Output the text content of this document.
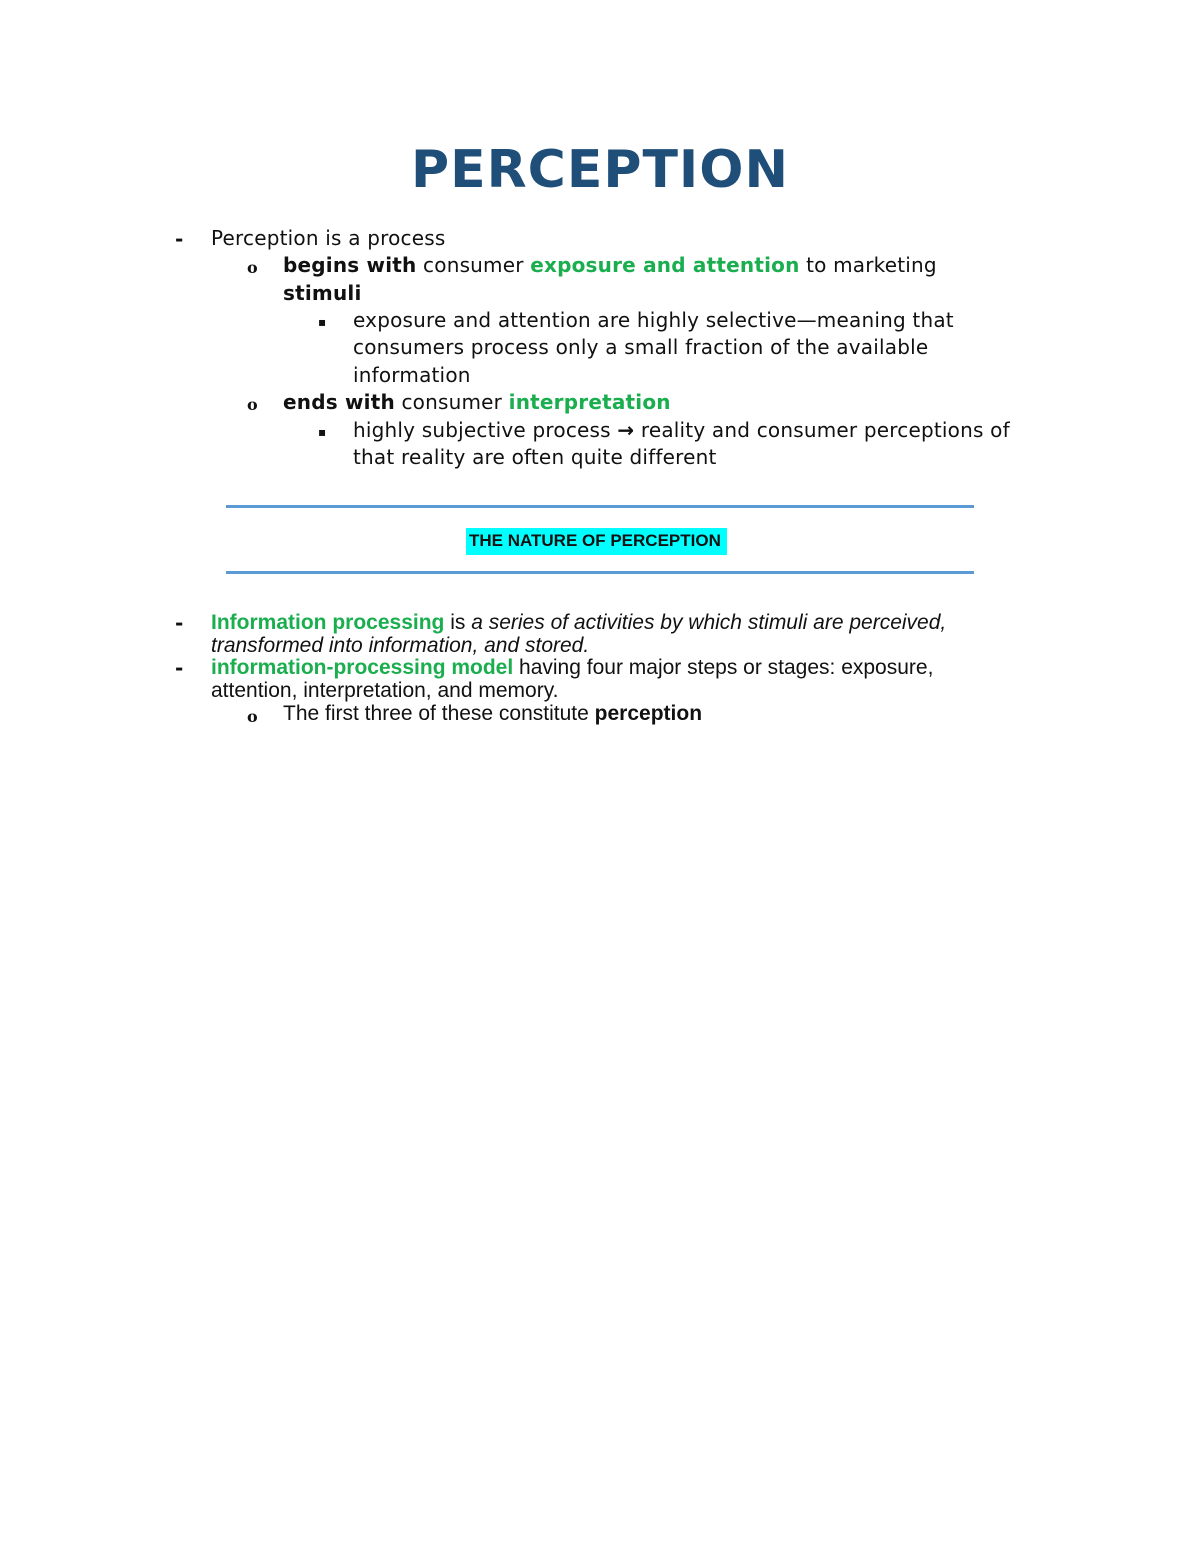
PERCEPTION
- Perception is a process
o begins with consumer exposure and attention to marketing
stimuli
▪ exposure and attention are highly selective—meaning that
consumers process only a small fraction of the available
information
o ends with consumer interpretation
▪ highly subjective process → reality and consumer perceptions of
that reality are often quite different
THE NATURE OF PERCEPTION
- Information processing is a series of activities by which stimuli are perceived,
transformed into information, and stored.
- information-processing model having four major steps or stages: exposure,
attention, interpretation, and memory.
o The first three of these constitute perception
